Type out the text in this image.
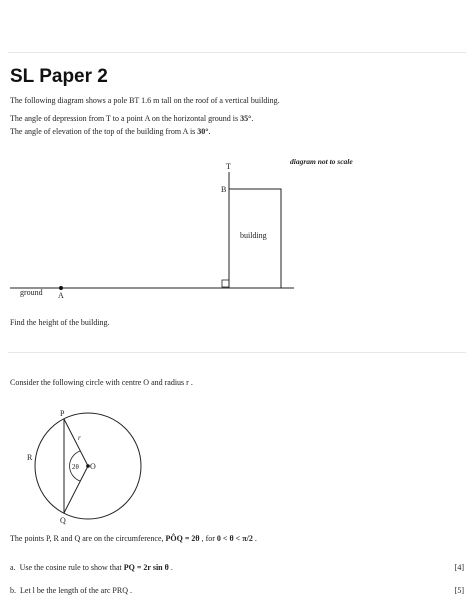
SL Paper 2
The following diagram shows a pole BT 1.6 m tall on the roof of a vertical building.
The angle of depression from T to a point A on the horizontal ground is 35°.
The angle of elevation of the top of the building from A is 30°.
diagram not to scale
T
B
building
ground A
Find the height of the building.
Consider the following circle with centre O and radius r .
P
R
Q
O
r
2θ
The points P, R and Q are on the circumference, PÔQ = 2θ , for 0 < θ < π/2 .
a. Use the cosine rule to show that PQ = 2r sin θ .	[4]
b. Let l be the length of the arc PRQ .	[5]
